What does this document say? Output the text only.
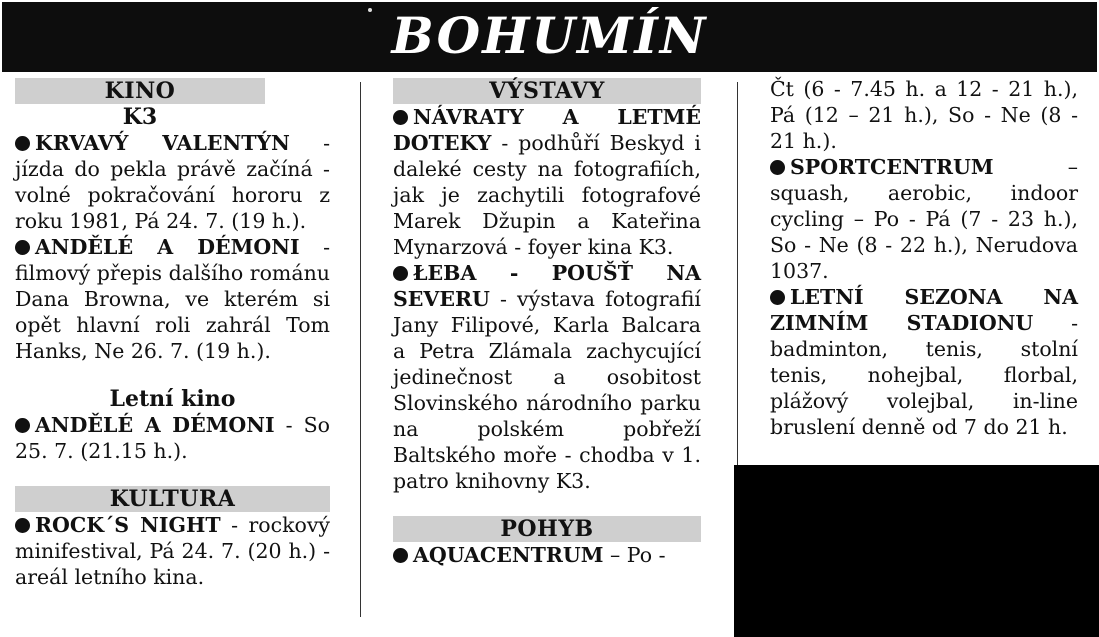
BOHUMÍN
KINO
K3

KRVAVÝ VALENTÝN - jízda do pekla právě začíná - volné pokračování hororu z roku 1981, Pá 24. 7. (19 h.).

ANDĚLÉ A DÉMONI - filmový přepis dalšího románu Dana Browna, ve kterém si opět hlavní roli zahrál Tom Hanks, Ne 26. 7. (19 h.).

Letní kino

ANDĚLÉ A DÉMONI - So 25. 7. (21.15 h.).

KULTURA

ROCK´S NIGHT - rockový minifestival, Pá 24. 7. (20 h.) - areál letního kina.

VÝSTAVY

NÁVRATY A LETMÉ DOTEKY - podhůří Beskyd i daleké cesty na fotografiích, jak je zachytili fotografové Marek Džupin a Kateřina Mynarzová - foyer kina K3.

ŁEBA - POUŠŤ NA SEVERU - výstava fotografií Jany Filipové, Karla Balcara a Petra Zlámala zachycující jedinečnost a osobitost Slovinského národního parku na polském pobřeží Baltského moře - chodba v 1. patro knihovny K3.

POHYB

AQUACENTRUM – Po -

Čt (6 - 7.45 h. a 12 - 21 h.), Pá (12 – 21 h.), So - Ne (8 - 21 h.).

SPORTCENTRUM – squash, aerobic, indoor cycling – Po - Pá (7 - 23 h.), So - Ne (8 - 22 h.), Nerudova 1037.

LETNÍ SEZONA NA ZIMNÍM STADIONU - badminton, tenis, stolní tenis, nohejbal, florbal, plážový volejbal, in-line bruslení denně od 7 do 21 h.
